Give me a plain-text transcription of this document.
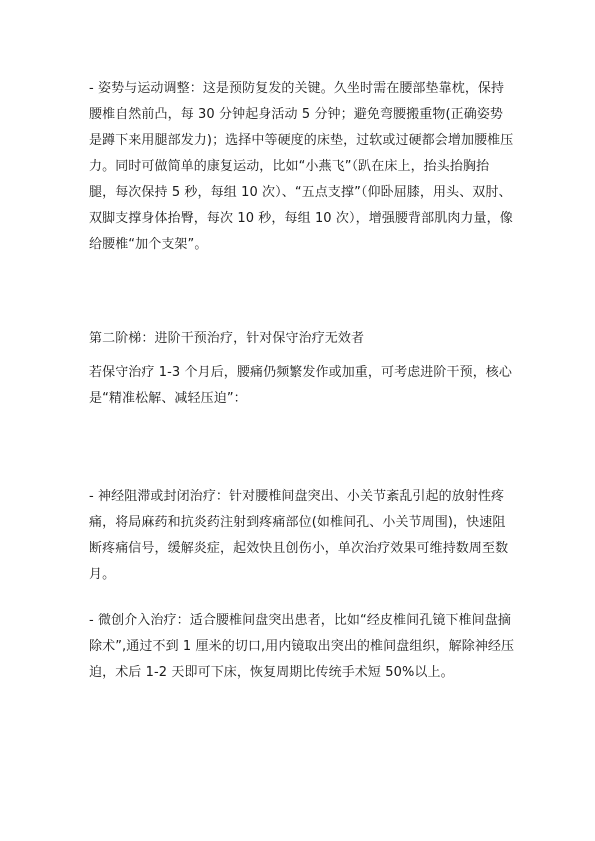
- 姿势与运动调整：这是预防复发的关键。久坐时需在腰部垫靠枕，保持腰椎自然前凸，每 30 分钟起身活动 5 分钟；避免弯腰搬重物(正确姿势是蹲下来用腿部发力)；选择中等硬度的床垫，过软或过硬都会增加腰椎压力。同时可做简单的康复运动，比如“小燕飞”（趴在床上，抬头抬胸抬腿，每次保持 5 秒，每组 10 次）、“五点支撑”（仰卧屈膝，用头、双肘、双脚支撑身体抬臀，每次 10 秒，每组 10 次），增强腰背部肌肉力量，像给腰椎“加个支架”。

第二阶梯：进阶干预治疗，针对保守治疗无效者

若保守治疗 1-3 个月后，腰痛仍频繁发作或加重，可考虑进阶干预，核心是“精准松解、减轻压迫”：

- 神经阻滞或封闭治疗：针对腰椎间盘突出、小关节紊乱引起的放射性疼痛，将局麻药和抗炎药注射到疼痛部位(如椎间孔、小关节周围)，快速阻断疼痛信号，缓解炎症，起效快且创伤小，单次治疗效果可维持数周至数月。

- 微创介入治疗：适合腰椎间盘突出患者，比如“经皮椎间孔镜下椎间盘摘除术”,通过不到 1 厘米的切口,用内镜取出突出的椎间盘组织，解除神经压迫，术后 1-2 天即可下床，恢复周期比传统手术短 50%以上。
